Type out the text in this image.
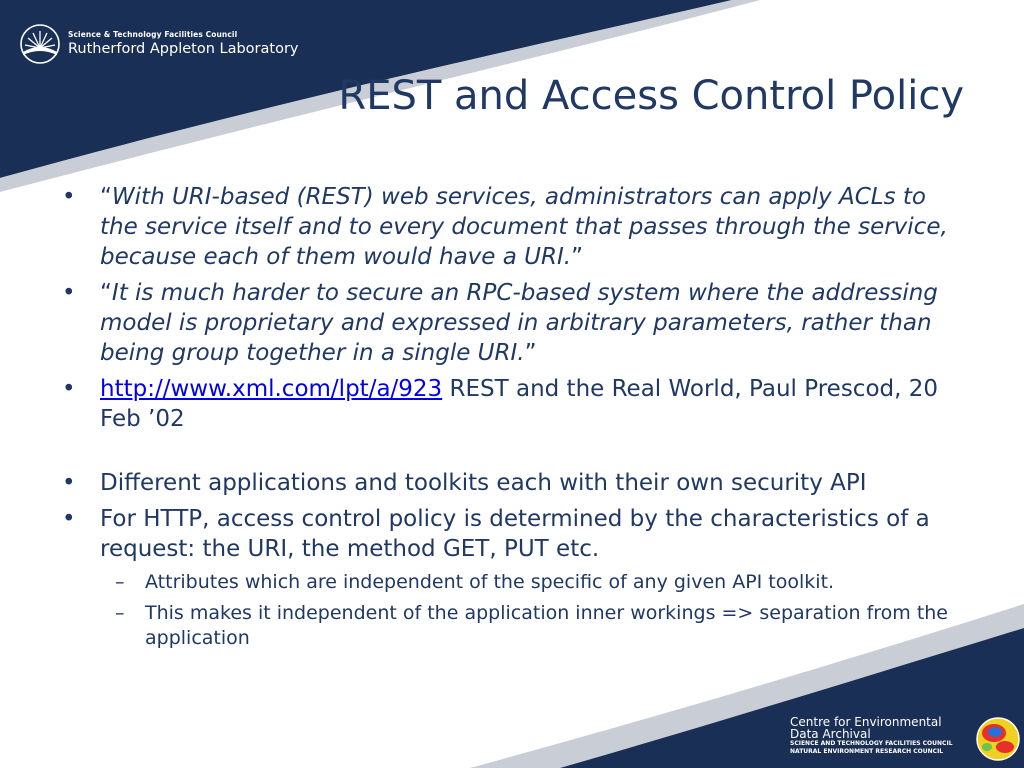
Science & Technology Facilities Council
Rutherford Appleton Laboratory
REST and Access Control Policy
• “With URI-based (REST) web services, administrators can apply ACLs to the service itself and to every document that passes through the service, because each of them would have a URI.”
• “It is much harder to secure an RPC-based system where the addressing model is proprietary and expressed in arbitrary parameters, rather than being group together in a single URI.”
• http://www.xml.com/lpt/a/923 REST and the Real World, Paul Prescod, 20 Feb ’02
• Different applications and toolkits each with their own security API
• For HTTP, access control policy is determined by the characteristics of a request: the URI, the method GET, PUT etc.
– Attributes which are independent of the specific of any given API toolkit.
– This makes it independent of the application inner workings => separation from the application
Centre for Environmental
Data Archival
SCIENCE AND TECHNOLOGY FACILITIES COUNCIL
NATURAL ENVIRONMENT RESEARCH COUNCIL
